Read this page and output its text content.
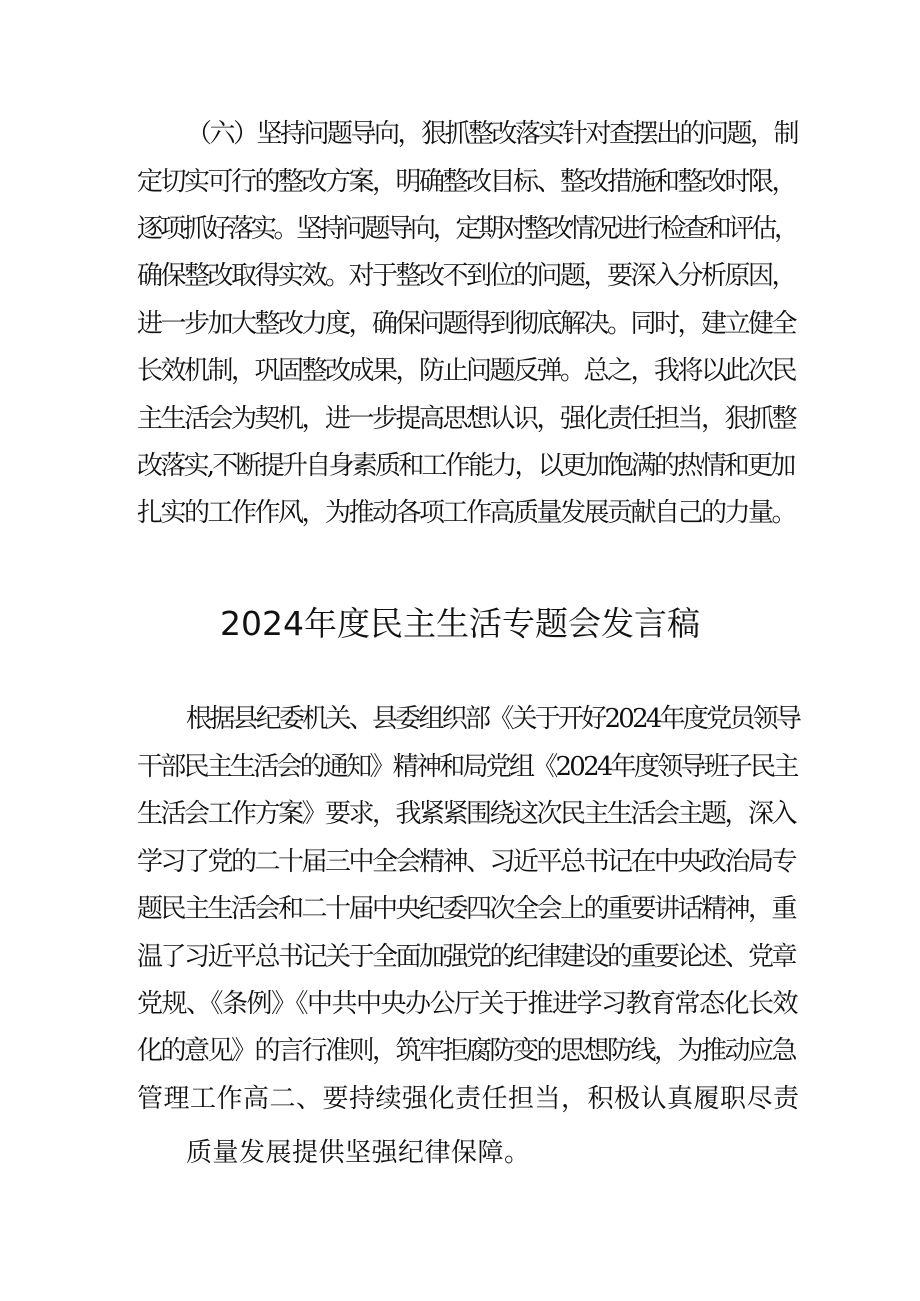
（六）坚持问题导向，狠抓整改落实针对查摆出的问题，制
定切实可行的整改方案，明确整改目标、整改措施和整改时限，
逐项抓好落实。坚持问题导向，定期对整改情况进行检查和评估，
确保整改取得实效。对于整改不到位的问题，要深入分析原因，
进一步加大整改力度，确保问题得到彻底解决。同时，建立健全
长效机制，巩固整改成果，防止问题反弹。总之，我将以此次民
主生活会为契机，进一步提高思想认识，强化责任担当，狠抓整
改落实,不断提升自身素质和工作能力，以更加饱满的热情和更加
扎实的工作作风，为推动各项工作高质量发展贡献自己的力量。
2024年度民主生活专题会发言稿
根据县纪委机关、县委组织部《关于开好2024年度党员领导
干部民主生活会的通知》精神和局党组《2024年度领导班子民主
生活会工作方案》要求，我紧紧围绕这次民主生活会主题，深入
学习了党的二十届三中全会精神、习近平总书记在中央政治局专
题民主生活会和二十届中央纪委四次全会上的重要讲话精神，重
温了习近平总书记关于全面加强党的纪律建设的重要论述、党章
党规、《条例》《中共中央办公厅关于推进学习教育常态化长效
化的意见》的言行准则，筑牢拒腐防变的思想防线，为推动应急
管理工作高二、要持续强化责任担当，积极认真履职尽责
质量发展提供坚强纪律保障。
